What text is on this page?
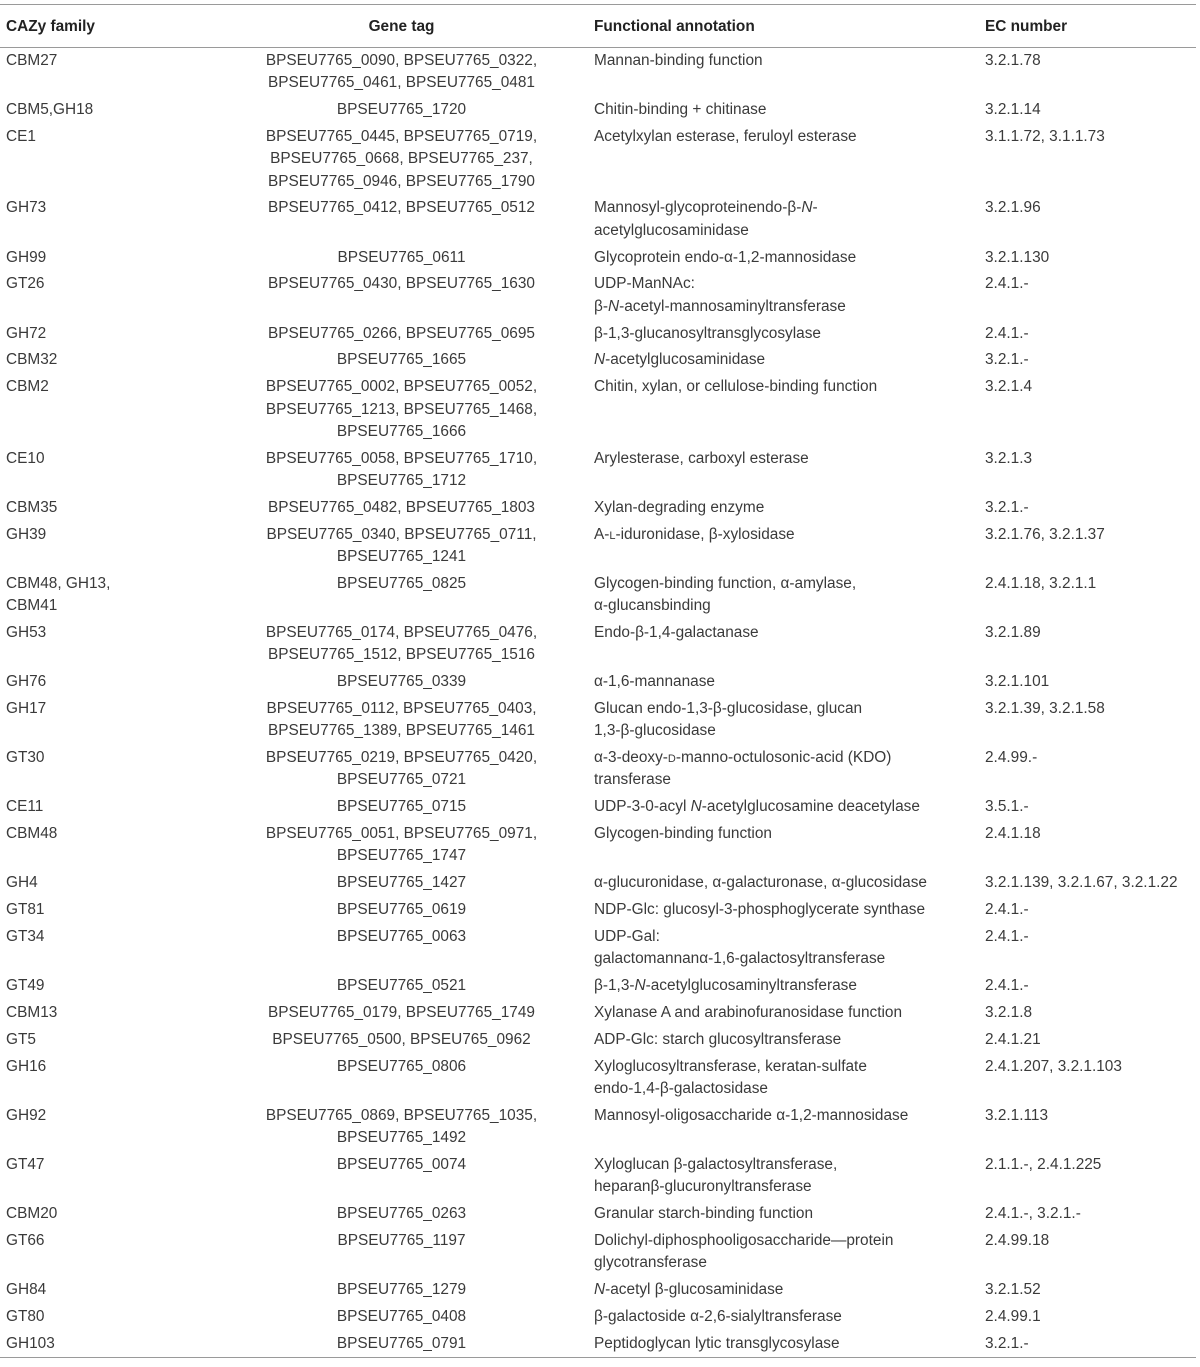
CAZy family	Gene tag	Functional annotation	EC number
CBM27	BPSEU7765_0090, BPSEU7765_0322,
BPSEU7765_0461, BPSEU7765_0481	Mannan-binding function	3.2.1.78
CBM5,GH18	BPSEU7765_1720	Chitin-binding + chitinase	3.2.1.14
CE1	BPSEU7765_0445, BPSEU7765_0719,
BPSEU7765_0668, BPSEU7765_237,
BPSEU7765_0946, BPSEU7765_1790	Acetylxylan esterase, feruloyl esterase	3.1.1.72, 3.1.1.73
GH73	BPSEU7765_0412, BPSEU7765_0512	Mannosyl-glycoproteinendo-β-N-
acetylglucosaminidase	3.2.1.96
GH99	BPSEU7765_0611	Glycoprotein endo-α-1,2-mannosidase	3.2.1.130
GT26	BPSEU7765_0430, BPSEU7765_1630	UDP-ManNAc:
β-N-acetyl-mannosaminyltransferase	2.4.1.-
GH72	BPSEU7765_0266, BPSEU7765_0695	β-1,3-glucanosyltransglycosylase	2.4.1.-
CBM32	BPSEU7765_1665	N-acetylglucosaminidase	3.2.1.-
CBM2	BPSEU7765_0002, BPSEU7765_0052,
BPSEU7765_1213, BPSEU7765_1468,
BPSEU7765_1666	Chitin, xylan, or cellulose-binding function	3.2.1.4
CE10	BPSEU7765_0058, BPSEU7765_1710,
BPSEU7765_1712	Arylesterase, carboxyl esterase	3.2.1.3
CBM35	BPSEU7765_0482, BPSEU7765_1803	Xylan-degrading enzyme	3.2.1.-
GH39	BPSEU7765_0340, BPSEU7765_0711,
BPSEU7765_1241	A-l-iduronidase, β-xylosidase	3.2.1.76, 3.2.1.37
CBM48, GH13,
CBM41	BPSEU7765_0825	Glycogen-binding function, α-amylase,
α-glucansbinding	2.4.1.18, 3.2.1.1
GH53	BPSEU7765_0174, BPSEU7765_0476,
BPSEU7765_1512, BPSEU7765_1516	Endo-β-1,4-galactanase	3.2.1.89
GH76	BPSEU7765_0339	α-1,6-mannanase	3.2.1.101
GH17	BPSEU7765_0112, BPSEU7765_0403,
BPSEU7765_1389, BPSEU7765_1461	Glucan endo-1,3-β-glucosidase, glucan
1,3-β-glucosidase	3.2.1.39, 3.2.1.58
GT30	BPSEU7765_0219, BPSEU7765_0420,
BPSEU7765_0721	α-3-deoxy-d-manno-octulosonic-acid (KDO)
transferase	2.4.99.-
CE11	BPSEU7765_0715	UDP-3-0-acyl N-acetylglucosamine deacetylase	3.5.1.-
CBM48	BPSEU7765_0051, BPSEU7765_0971,
BPSEU7765_1747	Glycogen-binding function	2.4.1.18
GH4	BPSEU7765_1427	α-glucuronidase, α-galacturonase, α-glucosidase	3.2.1.139, 3.2.1.67, 3.2.1.22
GT81	BPSEU7765_0619	NDP-Glc: glucosyl-3-phosphoglycerate synthase	2.4.1.-
GT34	BPSEU7765_0063	UDP-Gal:
galactomannanα-1,6-galactosyltransferase	2.4.1.-
GT49	BPSEU7765_0521	β-1,3-N-acetylglucosaminyltransferase	2.4.1.-
CBM13	BPSEU7765_0179, BPSEU7765_1749	Xylanase A and arabinofuranosidase function	3.2.1.8
GT5	BPSEU7765_0500, BPSEU765_0962	ADP-Glc: starch glucosyltransferase	2.4.1.21
GH16	BPSEU7765_0806	Xyloglucosyltransferase, keratan-sulfate
endo-1,4-β-galactosidase	2.4.1.207, 3.2.1.103
GH92	BPSEU7765_0869, BPSEU7765_1035,
BPSEU7765_1492	Mannosyl-oligosaccharide α-1,2-mannosidase	3.2.1.113
GT47	BPSEU7765_0074	Xyloglucan β-galactosyltransferase,
heparanβ-glucuronyltransferase	2.1.1.-, 2.4.1.225
CBM20	BPSEU7765_0263	Granular starch-binding function	2.4.1.-, 3.2.1.-
GT66	BPSEU7765_1197	Dolichyl-diphosphooligosaccharide—protein
glycotransferase	2.4.99.18
GH84	BPSEU7765_1279	N-acetyl β-glucosaminidase	3.2.1.52
GT80	BPSEU7765_0408	β-galactoside α-2,6-sialyltransferase	2.4.99.1
GH103	BPSEU7765_0791	Peptidoglycan lytic transglycosylase	3.2.1.-
